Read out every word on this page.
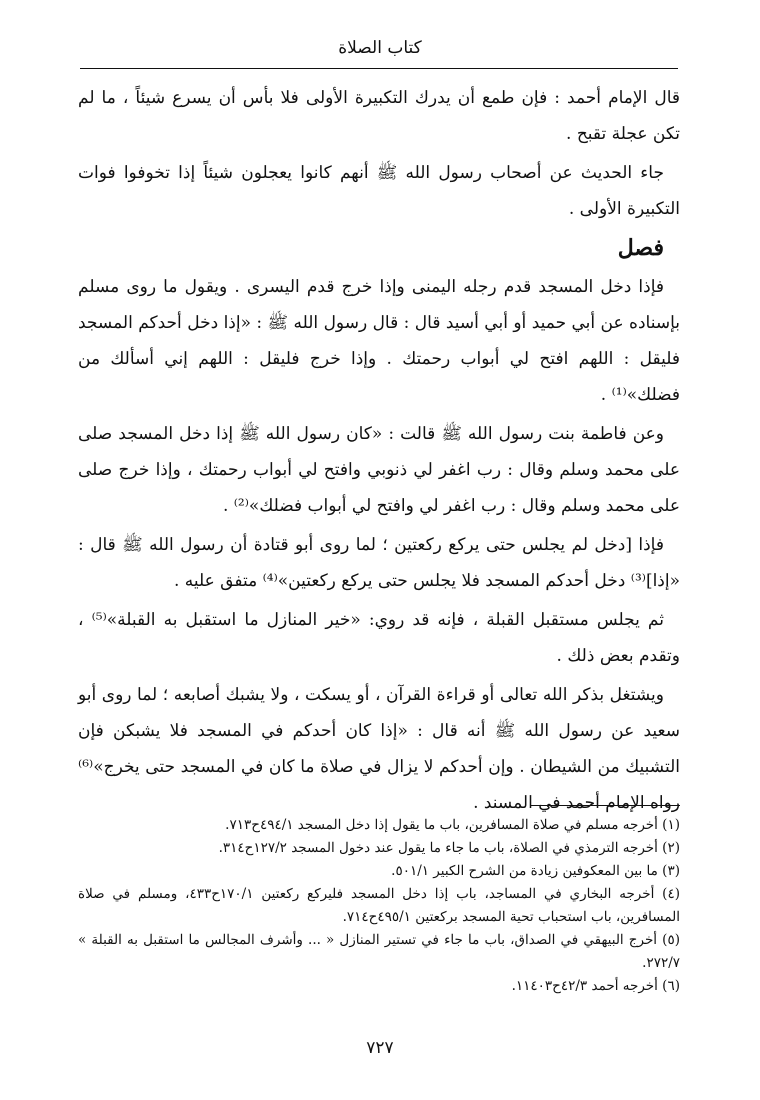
كتاب الصلاة

قال الإمام أحمد : فإن طمع أن يدرك التكبيرة الأولى فلا بأس أن يسرع شيئاً ، ما لم تكن عجلة تقبح .

جاء الحديث عن أصحاب رسول الله ﷺ أنهم كانوا يعجلون شيئاً إذا تخوفوا فوات التكبيرة الأولى .

فصل

فإذا دخل المسجد قدم رجله اليمنى وإذا خرج قدم اليسرى . ويقول ما روى مسلم بإسناده عن أبي حميد أو أبي أسيد قال : قال رسول الله ﷺ : «إذا دخل أحدكم المسجد فليقل : اللهم افتح لي أبواب رحمتك . وإذا خرج فليقل : اللهم إني أسألك من فضلك»⁽¹⁾ .

وعن فاطمة بنت رسول الله ﷺ قالت : «كان رسول الله ﷺ إذا دخل المسجد صلى على محمد وسلم وقال : رب اغفر لي ذنوبي وافتح لي أبواب رحمتك ، وإذا خرج صلى على محمد وسلم وقال : رب اغفر لي وافتح لي أبواب فضلك»⁽²⁾ .

فإذا [دخل لم يجلس حتى يركع ركعتين ؛ لما روى أبو قتادة أن رسول الله ﷺ قال : «إذا]⁽³⁾ دخل أحدكم المسجد فلا يجلس حتى يركع ركعتين»⁽⁴⁾ متفق عليه .

ثم يجلس مستقبل القبلة ، فإنه قد روي: «خير المنازل ما استقبل به القبلة»⁽⁵⁾ ، وتقدم بعض ذلك .

ويشتغل بذكر الله تعالى أو قراءة القرآن ، أو يسكت ، ولا يشبك أصابعه ؛ لما روى أبو سعيد عن رسول الله ﷺ أنه قال : «إذا كان أحدكم في المسجد فلا يشبكن فإن التشبيك من الشيطان . وإن أحدكم لا يزال في صلاة ما كان في المسجد حتى يخرج»⁽⁶⁾ رواه الإمام أحمد في المسند .

(١) أخرجه مسلم في صلاة المسافرين، باب ما يقول إذا دخل المسجد ٤٩٤/١ح٧١٣.

(٢) أخرجه الترمذي في الصلاة، باب ما جاء ما يقول عند دخول المسجد ١٢٧/٢ح٣١٤.

(٣) ما بين المعكوفين زيادة من الشرح الكبير ٥٠١/١.

(٤) أخرجه البخاري في المساجد، باب إذا دخل المسجد فليركع ركعتين ١٧٠/١ح٤٣٣، ومسلم في صلاة المسافرين، باب استحباب تحية المسجد بركعتين ٤٩٥/١ح٧١٤.

(٥) أخرج البيهقي في الصداق، باب ما جاء في تستير المنازل « ... وأشرف المجالس ما استقبل به القبلة » ٢٧٢/٧.

(٦) أخرجه أحمد ٤٢/٣ح١١٤٠٣.

٧٢٧
